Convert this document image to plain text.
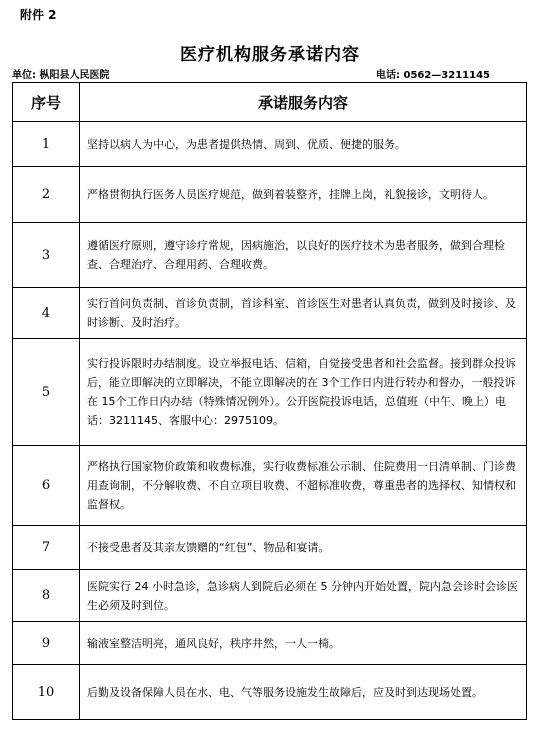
附件 2
医疗机构服务承诺内容
单位: 枞阳县人民医院	电话: 0562—3211145
序号	承诺服务内容
1	坚持以病人为中心，为患者提供热情、周到、优质、便捷的服务。
2	严格贯彻执行医务人员医疗规范，做到着装整齐，挂牌上岗，礼貌接诊，文明待人。
3	遵循医疗原则，遵守诊疗常规，因病施治，以良好的医疗技术为患者服务，做到合理检查、合理治疗、合理用药、合理收费。
4	实行首问负责制、首诊负责制，首诊科室、首诊医生对患者认真负责，做到及时接诊、及时诊断、及时治疗。
5	实行投诉限时办结制度。设立举报电话、信箱，自觉接受患者和社会监督。接到群众投诉后，能立即解决的立即解决，不能立即解决的在 3个工作日内进行转办和督办，一般投诉在 15个工作日内办结（特殊情况例外）。公开医院投诉电话，总值班（中午、晚上）电话：3211145、客服中心：2975109。
6	严格执行国家物价政策和收费标准，实行收费标准公示制、住院费用一日清单制、门诊费用查询制，不分解收费、不自立项目收费、不超标准收费，尊重患者的选择权、知情权和监督权。
7	不接受患者及其亲友馈赠的“红包”、物品和宴请。
8	医院实行 24 小时急诊，急诊病人到院后必须在 5 分钟内开始处置，院内急会诊时会诊医生必须及时到位。
9	输液室整洁明亮，通风良好，秩序井然，一人一椅。
10	后勤及设备保障人员在水、电、气等服务设施发生故障后，应及时到达现场处置。
